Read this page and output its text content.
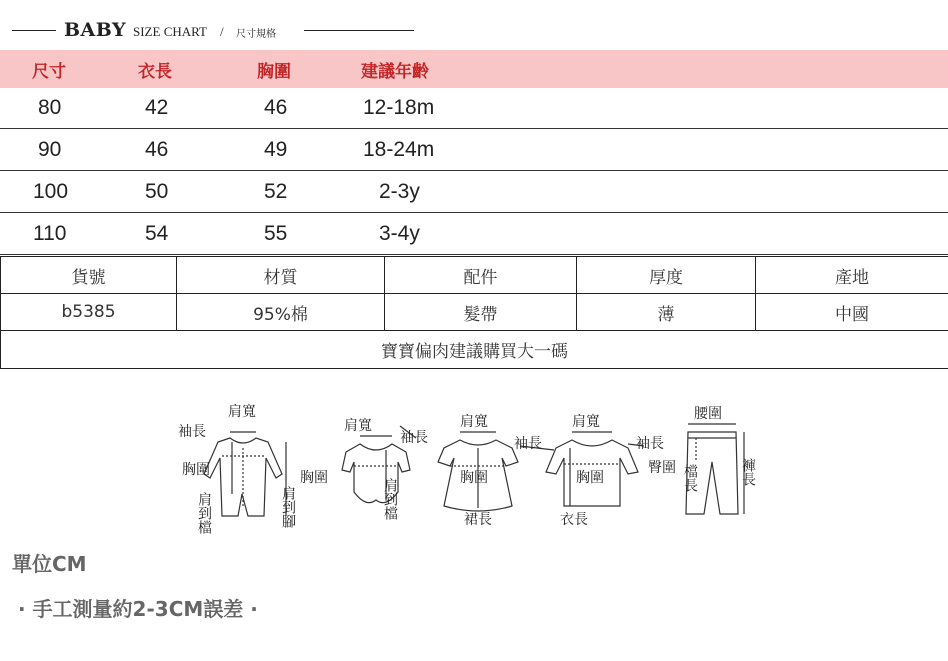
BABY SIZE CHART / 尺寸規格
尺寸	衣長	胸圍	建議年齡
80	42	46	12-18m
90	46	49	18-24m
100	50	52	2-3y
110	54	55	3-4y
貨號	材質	配件	厚度	產地
b5385	95%棉	髮帶	薄	中國
寶寶偏肉建議購買大一碼				
肩寬
袖長
胸圍
肩到檔	肩到腳
肩寬
袖長
胸圍	肩到檔
肩寬
胸圍
裙長
肩寬
袖長
胸圍
袖長
衣長
腰圍
臀圍 檔長	褲長
單位CM
· 手工測量約2-3CM誤差 ·
